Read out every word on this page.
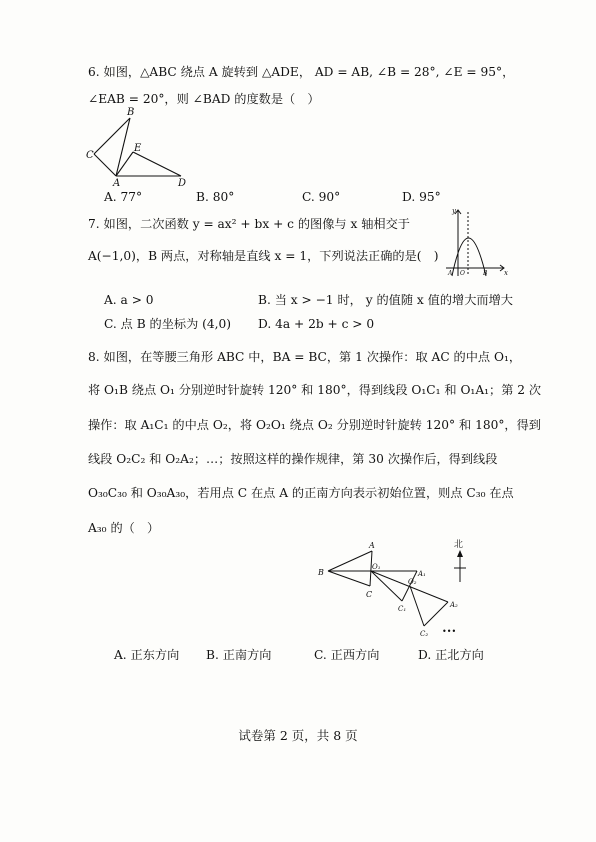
6. 如图，△ABC 绕点 A 旋转到 △ADE， AD = AB, ∠B = 28°, ∠E = 95°，
∠EAB = 20°，则 ∠BAD 的度数是（　）
B
C
E
A	D
A. 77°	B. 80°	C. 90°	D. 95°
7. 如图，二次函数 y = ax² + bx + c 的图像与 x 轴相交于
A(−1,0)，B 两点，对称轴是直线 x = 1，下列说法正确的是(　)
y
x
A O	B
A. a > 0	B. 当 x > −1 时， y 的值随 x 值的增大而增大
C. 点 B 的坐标为 (4,0) D. 4a + 2b + c > 0
8. 如图，在等腰三角形 ABC 中，BA = BC，第 1 次操作：取 AC 的中点 O₁，
将 O₁B 绕点 O₁ 分别逆时针旋转 120° 和 180°，得到线段 O₁C₁ 和 O₁A₁；第 2 次
操作：取 A₁C₁ 的中点 O₂，将 O₂O₁ 绕点 O₂ 分别逆时针旋转 120° 和 180°，得到
线段 O₂C₂ 和 O₂A₂；…；按照这样的操作规律，第 30 次操作后，得到线段
O₃₀C₃₀ 和 O₃₀A₃₀，若用点 C 在点 A 的正南方向表示初始位置，则点 C₃₀ 在点
A₃₀ 的（　）
A
B
C
O₁
A₁
O₂
C₁	A₂
C₂ •••
北
A. 正东方向 B. 正南方向	C. 正西方向	D. 正北方向
试卷第 2 页，共 8 页
